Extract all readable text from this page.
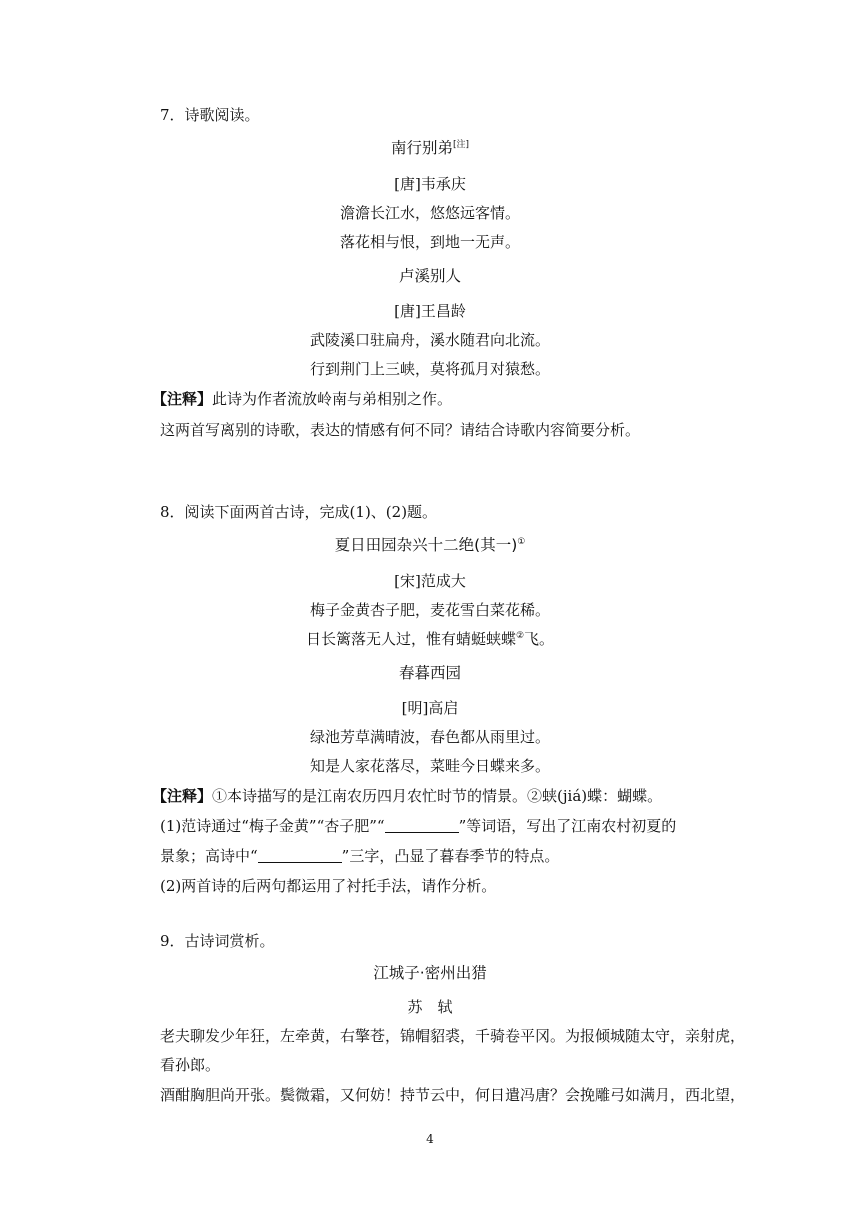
7．诗歌阅读。
南行别弟[注]
[唐]韦承庆
澹澹长江水，悠悠远客情。
落花相与恨，到地一无声。
卢溪别人
[唐]王昌龄
武陵溪口驻扁舟，溪水随君向北流。
行到荆门上三峡，莫将孤月对猿愁。
【注释】此诗为作者流放岭南与弟相别之作。
这两首写离别的诗歌，表达的情感有何不同？请结合诗歌内容简要分析。
8．阅读下面两首古诗，完成(1)、(2)题。
夏日田园杂兴十二绝(其一)①
[宋]范成大
梅子金黄杏子肥，麦花雪白菜花稀。
日长篱落无人过，惟有蜻蜓蛱蝶②飞。
春暮西园
[明]高启
绿池芳草满晴波，春色都从雨里过。
知是人家花落尽，菜畦今日蝶来多。
【注释】①本诗描写的是江南农历四月农忙时节的情景。②蛱(jiá)蝶：蝴蝶。
(1)范诗通过“梅子金黄”“杏子肥”“	”等词语，写出了江南农村初夏的
景象；高诗中“	”三字，凸显了暮春季节的特点。
(2)两首诗的后两句都运用了衬托手法，请作分析。
9．古诗词赏析。
江城子·密州出猎
苏　轼
老夫聊发少年狂，左牵黄，右擎苍，锦帽貂裘，千骑卷平冈。为报倾城随太守，亲射虎，
看孙郎。
酒酣胸胆尚开张。鬓微霜，又何妨！持节云中，何日遣冯唐？会挽雕弓如满月，西北望，
4
